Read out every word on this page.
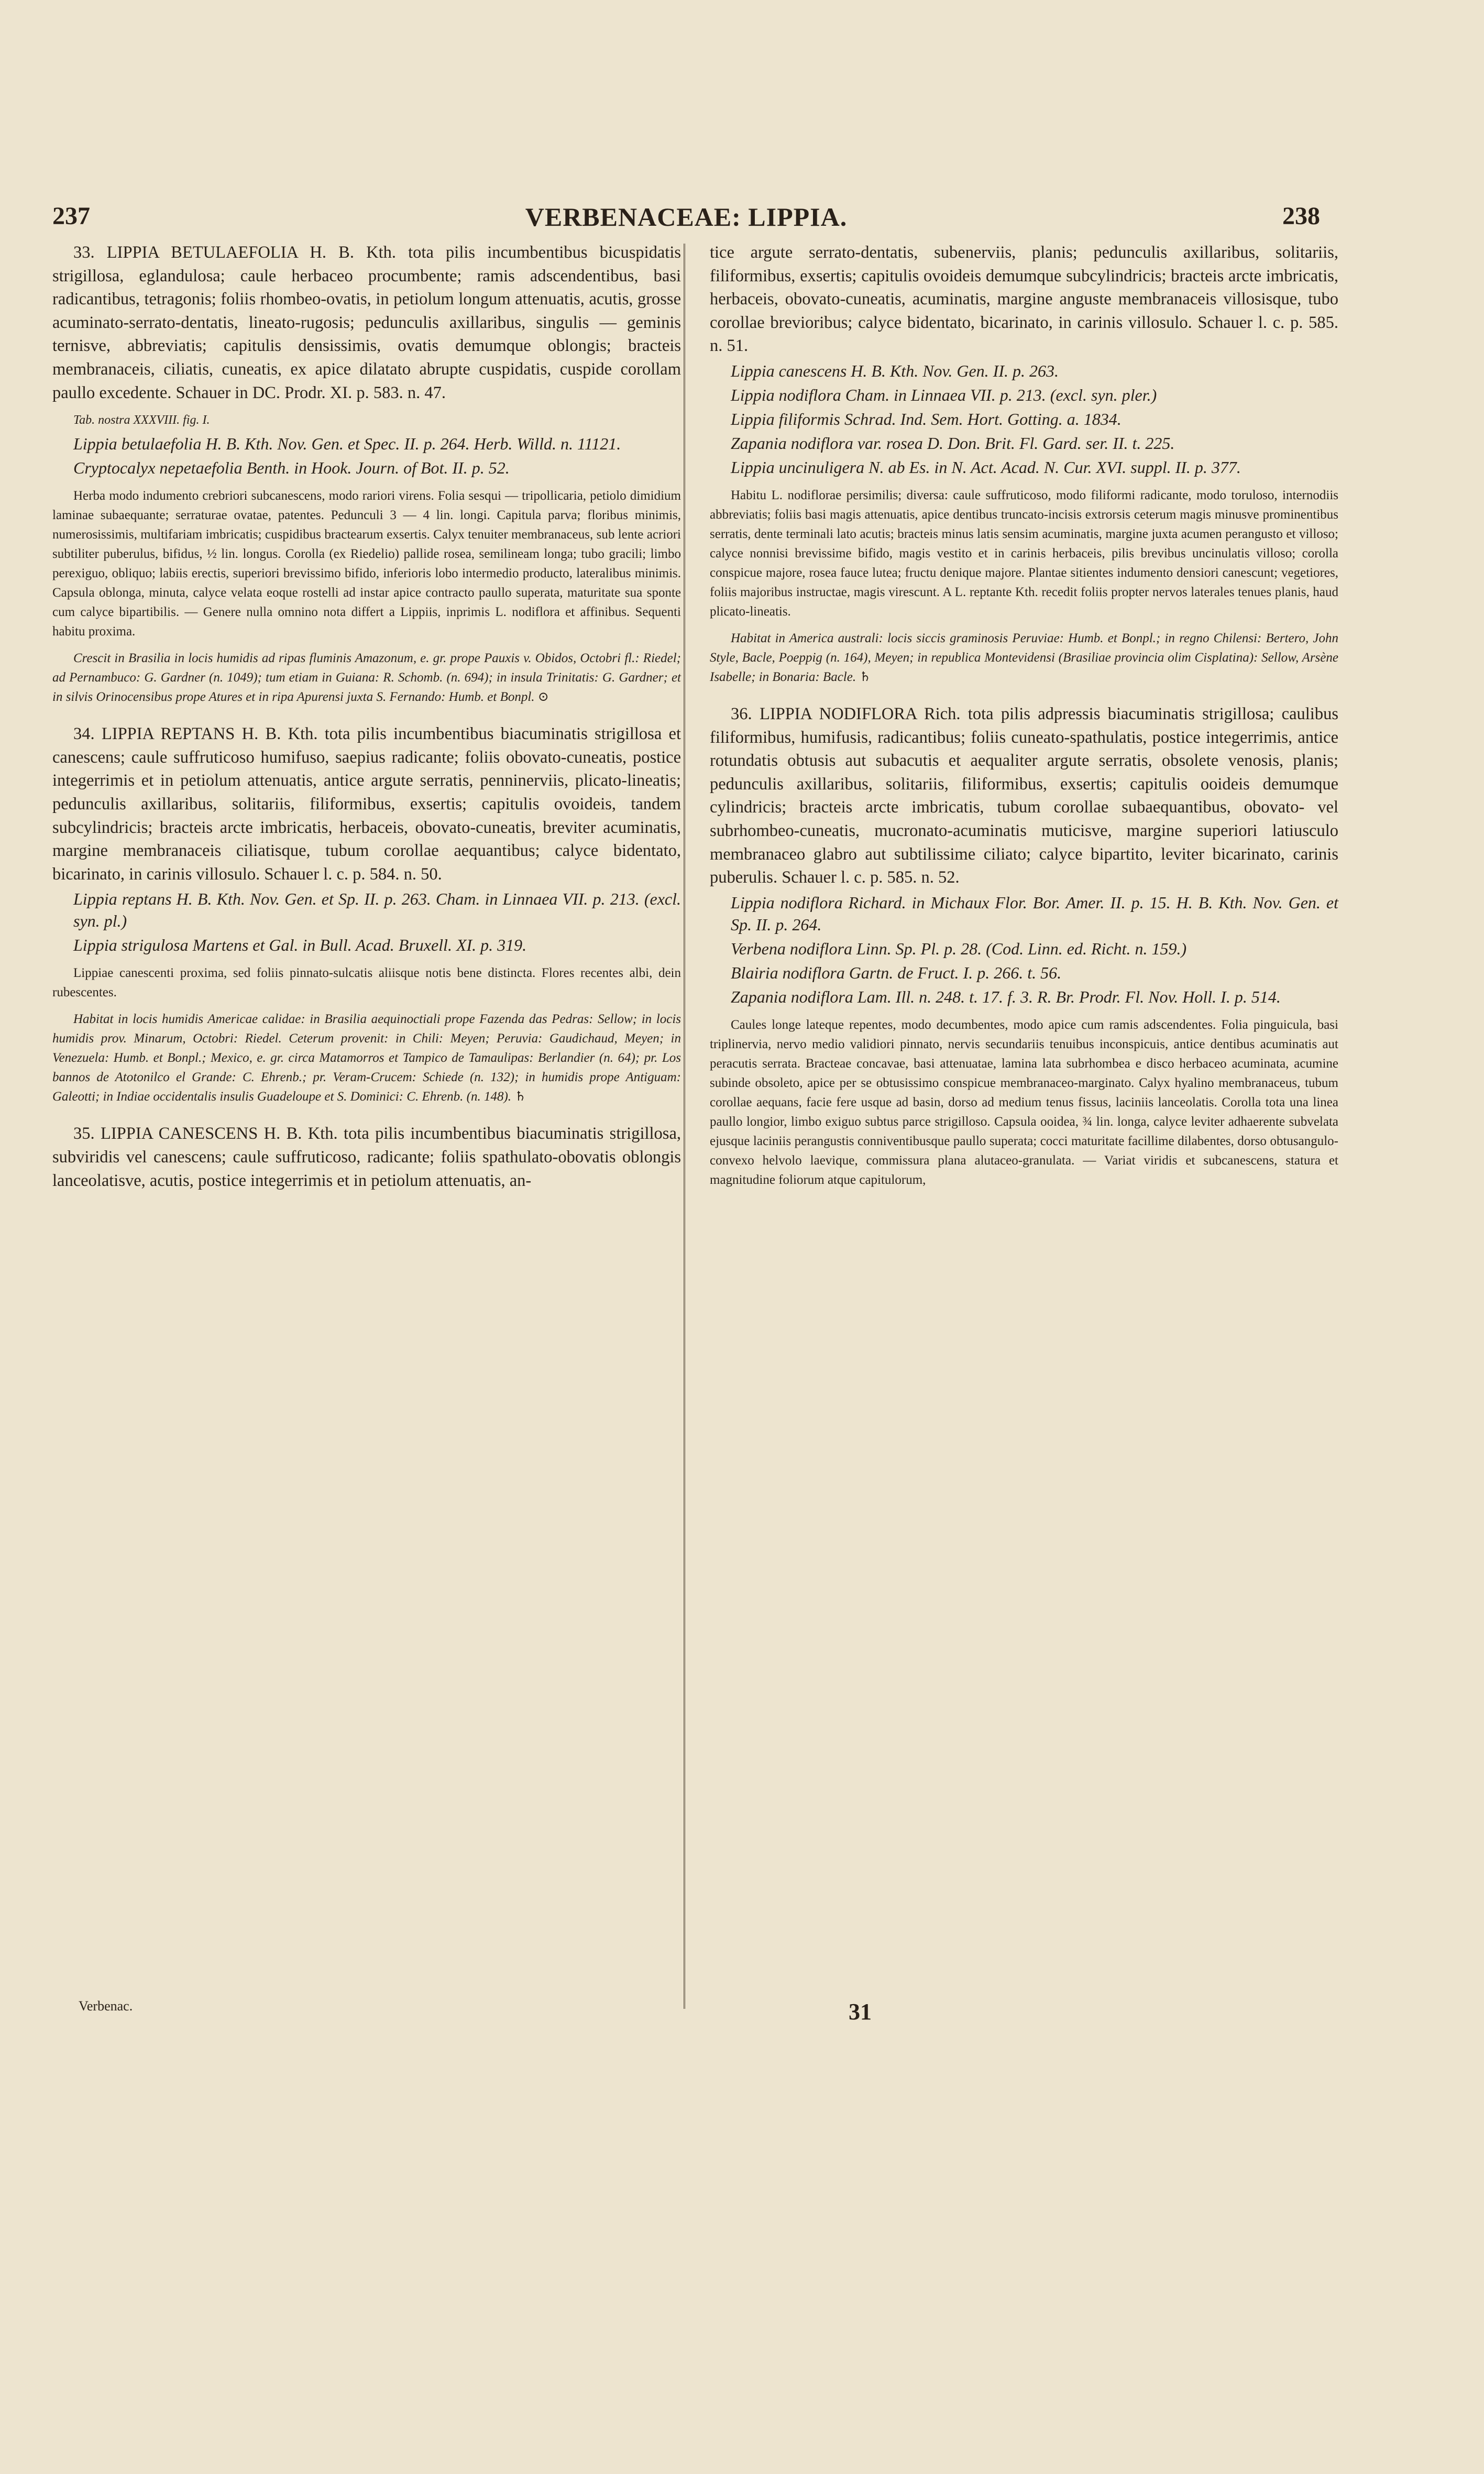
237	VERBENACEAE: LIPPIA.	238

33. LIPPIA BETULAEFOLIA H. B. Kth. tota pilis incumbentibus bicuspidatis strigillosa, eglandulosa; caule herbaceo procumbente; ramis adscendentibus, basi radicantibus, tetragonis; foliis rhombeo-ovatis, in petiolum longum attenuatis, acutis, grosse acuminato-serrato-dentatis, lineato-rugosis; pedunculis axillaribus, singulis — geminis ternisve, abbreviatis; capitulis densissimis, ovatis demumque oblongis; bracteis membranaceis, ciliatis, cuneatis, ex apice dilatato abrupte cuspidatis, cuspide corollam paullo excedente. Schauer in DC. Prodr. XI. p. 583. n. 47.

Tab. nostra XXXVIII. fig. I.

Lippia betulaefolia H. B. Kth. Nov. Gen. et Spec. II. p. 264. Herb. Willd. n. 11121.

Cryptocalyx nepetaefolia Benth. in Hook. Journ. of Bot. II. p. 52.

Herba modo indumento crebriori subcanescens, modo rariori virens. Folia sesqui — tripollicaria, petiolo dimidium laminae subaequante; serraturae ovatae, patentes. Pedunculi 3 — 4 lin. longi. Capitula parva; floribus minimis, numerosissimis, multifariam imbricatis; cuspidibus bractearum exsertis. Calyx tenuiter membranaceus, sub lente acriori subtiliter puberulus, bifidus, ½ lin. longus. Corolla (ex Riedelio) pallide rosea, semilineam longa; tubo gracili; limbo perexiguo, obliquo; labiis erectis, superiori brevissimo bifido, inferioris lobo intermedio producto, lateralibus minimis. Capsula oblonga, minuta, calyce velata eoque rostelli ad instar apice contracto paullo superata, maturitate sua sponte cum calyce bipartibilis. — Genere nulla omnino nota differt a Lippiis, inprimis L. nodiflora et affinibus. Sequenti habitu proxima.

Crescit in Brasilia in locis humidis ad ripas fluminis Amazonum, e. gr. prope Pauxis v. Obidos, Octobri fl.: Riedel; ad Pernambuco: G. Gardner (n. 1049); tum etiam in Guiana: R. Schomb. (n. 694); in insula Trinitatis: G. Gardner; et in silvis Orinocensibus prope Atures et in ripa Apurensi juxta S. Fernando: Humb. et Bonpl. ⊙

34. LIPPIA REPTANS H. B. Kth. tota pilis incumbentibus biacuminatis strigillosa et canescens; caule suffruticoso humifuso, saepius radicante; foliis obovato-cuneatis, postice integerrimis et in petiolum attenuatis, antice argute serratis, penninerviis, plicato-lineatis; pedunculis axillaribus, solitariis, filiformibus, exsertis; capitulis ovoideis, tandem subcylindricis; bracteis arcte imbricatis, herbaceis, obovato-cuneatis, breviter acuminatis, margine membranaceis ciliatisque, tubum corollae aequantibus; calyce bidentato, bicarinato, in carinis villosulo. Schauer l. c. p. 584. n. 50.

Lippia reptans H. B. Kth. Nov. Gen. et Sp. II. p. 263. Cham. in Linnaea VII. p. 213. (excl. syn. pl.)

Lippia strigulosa Martens et Gal. in Bull. Acad. Bruxell. XI. p. 319.

Lippiae canescenti proxima, sed foliis pinnato-sulcatis aliisque notis bene distincta. Flores recentes albi, dein rubescentes.

Habitat in locis humidis Americae calidae: in Brasilia aequinoctiali prope Fazenda das Pedras: Sellow; in locis humidis prov. Minarum, Octobri: Riedel. Ceterum provenit: in Chili: Meyen; Peruvia: Gaudichaud, Meyen; in Venezuela: Humb. et Bonpl.; Mexico, e. gr. circa Matamorros et Tampico de Tamaulipas: Berlandier (n. 64); pr. Los bannos de Atotonilco el Grande: C. Ehrenb.; pr. Veram-Crucem: Schiede (n. 132); in humidis prope Antiguam: Galeotti; in Indiae occidentalis insulis Guadeloupe et S. Dominici: C. Ehrenb. (n. 148). ♄

35. LIPPIA CANESCENS H. B. Kth. tota pilis incumbentibus biacuminatis strigillosa, subviridis vel canescens; caule suffruticoso, radicante; foliis spathulato-obovatis oblongis lanceolatisve, acutis, postice integerrimis et in petiolum attenuatis, an-

tice argute serrato-dentatis, subenerviis, planis; pedunculis axillaribus, solitariis, filiformibus, exsertis; capitulis ovoideis demumque subcylindricis; bracteis arcte imbricatis, herbaceis, obovato-cuneatis, acuminatis, margine anguste membranaceis villosisque, tubo corollae brevioribus; calyce bidentato, bicarinato, in carinis villosulo. Schauer l. c. p. 585. n. 51.

Lippia canescens H. B. Kth. Nov. Gen. II. p. 263.

Lippia nodiflora Cham. in Linnaea VII. p. 213. (excl. syn. pler.)

Lippia filiformis Schrad. Ind. Sem. Hort. Gotting. a. 1834.

Zapania nodiflora var. rosea D. Don. Brit. Fl. Gard. ser. II. t. 225.

Lippia uncinuligera N. ab Es. in N. Act. Acad. N. Cur. XVI. suppl. II. p. 377.

Habitu L. nodiflorae persimilis; diversa: caule suffruticoso, modo filiformi radicante, modo toruloso, internodiis abbreviatis; foliis basi magis attenuatis, apice dentibus truncato-incisis extrorsis ceterum magis minusve prominentibus serratis, dente terminali lato acutis; bracteis minus latis sensim acuminatis, margine juxta acumen perangusto et villoso; calyce nonnisi brevissime bifido, magis vestito et in carinis herbaceis, pilis brevibus uncinulatis villoso; corolla conspicue majore, rosea fauce lutea; fructu denique majore. Plantae sitientes indumento densiori canescunt; vegetiores, foliis majoribus instructae, magis virescunt. A L. reptante Kth. recedit foliis propter nervos laterales tenues planis, haud plicato-lineatis.

Habitat in America australi: locis siccis graminosis Peruviae: Humb. et Bonpl.; in regno Chilensi: Bertero, John Style, Bacle, Poeppig (n. 164), Meyen; in republica Montevidensi (Brasiliae provincia olim Cisplatina): Sellow, Arsène Isabelle; in Bonaria: Bacle. ♄

36. LIPPIA NODIFLORA Rich. tota pilis adpressis biacuminatis strigillosa; caulibus filiformibus, humifusis, radicantibus; foliis cuneato-spathulatis, postice integerrimis, antice rotundatis obtusis aut subacutis et aequaliter argute serratis, obsolete venosis, planis; pedunculis axillaribus, solitariis, filiformibus, exsertis; capitulis ooideis demumque cylindricis; bracteis arcte imbricatis, tubum corollae subaequantibus, obovato- vel subrhombeo-cuneatis, mucronato-acuminatis muticisve, margine superiori latiusculo membranaceo glabro aut subtilissime ciliato; calyce bipartito, leviter bicarinato, carinis puberulis. Schauer l. c. p. 585. n. 52.

Lippia nodiflora Richard. in Michaux Flor. Bor. Amer. II. p. 15. H. B. Kth. Nov. Gen. et Sp. II. p. 264.

Verbena nodiflora Linn. Sp. Pl. p. 28. (Cod. Linn. ed. Richt. n. 159.)

Blairia nodiflora Gartn. de Fruct. I. p. 266. t. 56.

Zapania nodiflora Lam. Ill. n. 248. t. 17. f. 3. R. Br. Prodr. Fl. Nov. Holl. I. p. 514.

Caules longe lateque repentes, modo decumbentes, modo apice cum ramis adscendentes. Folia pinguicula, basi triplinervia, nervo medio validiori pinnato, nervis secundariis tenuibus inconspicuis, antice dentibus acuminatis aut peracutis serrata. Bracteae concavae, basi attenuatae, lamina lata subrhombea e disco herbaceo acuminata, acumine subinde obsoleto, apice per se obtusissimo conspicue membranaceo-marginato. Calyx hyalino membranaceus, tubum corollae aequans, facie fere usque ad basin, dorso ad medium tenus fissus, laciniis lanceolatis. Corolla tota una linea paullo longior, limbo exiguo subtus parce strigilloso. Capsula ooidea, ¾ lin. longa, calyce leviter adhaerente subvelata ejusque laciniis perangustis conniventibusque paullo superata; cocci maturitate facillime dilabentes, dorso obtusangulo-convexo helvolo laevique, commissura plana alutaceo-granulata. — Variat viridis et subcanescens, statura et magnitudine foliorum atque capitulorum,

Verbenac.	31
